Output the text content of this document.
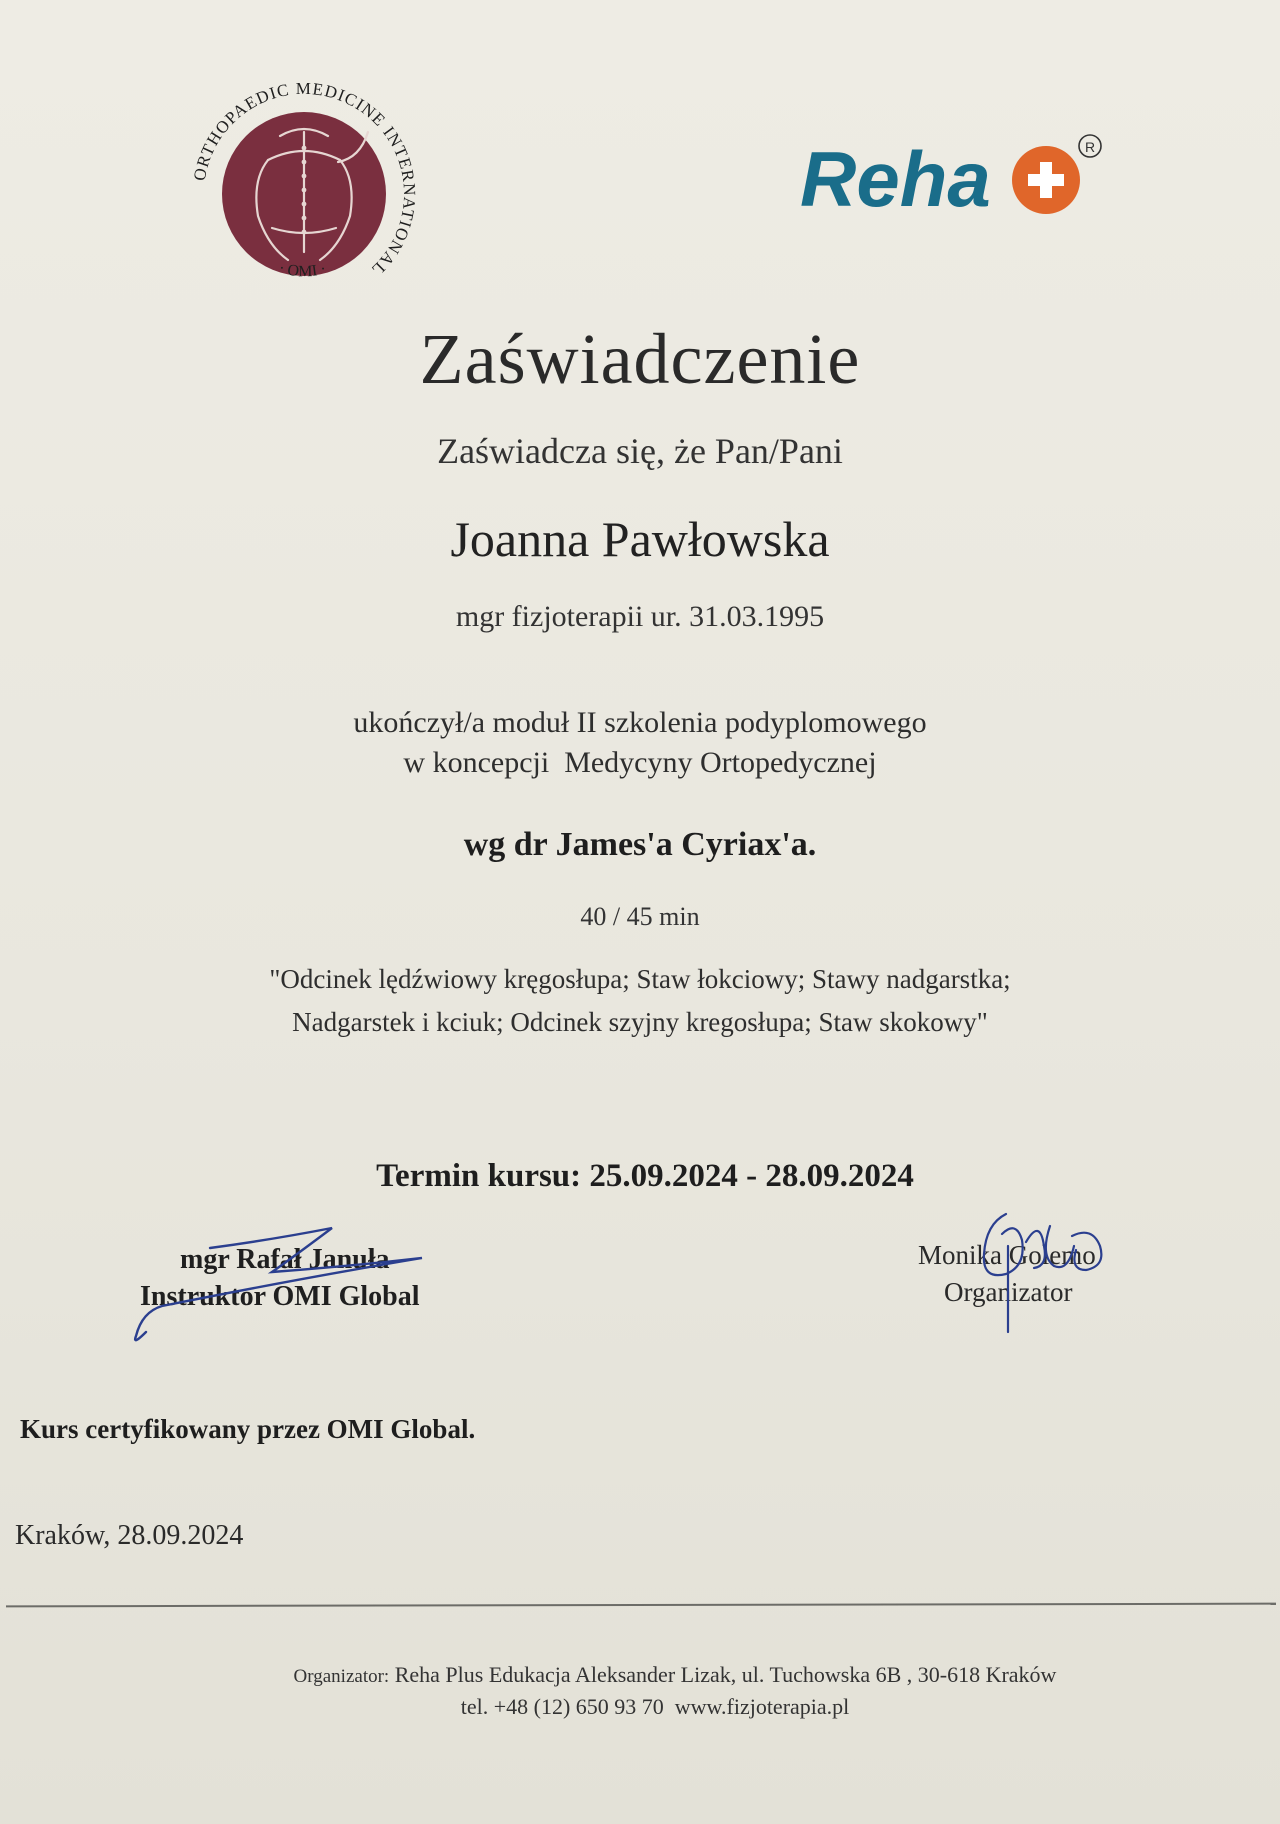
ORTHOPAEDIC MEDICINE INTERNATIONAL
· OMI ·
Reha	R
Zaświadczenie
Zaświadcza się, że Pan/Pani
Joanna Pawłowska
mgr fizjoterapii ur. 31.03.1995
ukończył/a moduł II szkolenia podyplomowego
w koncepcji  Medycyny Ortopedycznej
wg dr James'a Cyriax'a.
40 / 45 min
"Odcinek lędźwiowy kręgosłupa; Staw łokciowy; Stawy nadgarstka;
Nadgarstek i kciuk; Odcinek szyjny kregosłupa; Staw skokowy"
Termin kursu: 25.09.2024 - 28.09.2024
mgr Rafał Januła
Instruktor OMI Global
Monika Golemo
Organizator
Kurs certyfikowany przez OMI Global.
Kraków, 28.09.2024
Organizator: Reha Plus Edukacja Aleksander Lizak, ul. Tuchowska 6B , 30-618 Kraków
tel. +48 (12) 650 93 70  www.fizjoterapia.pl
